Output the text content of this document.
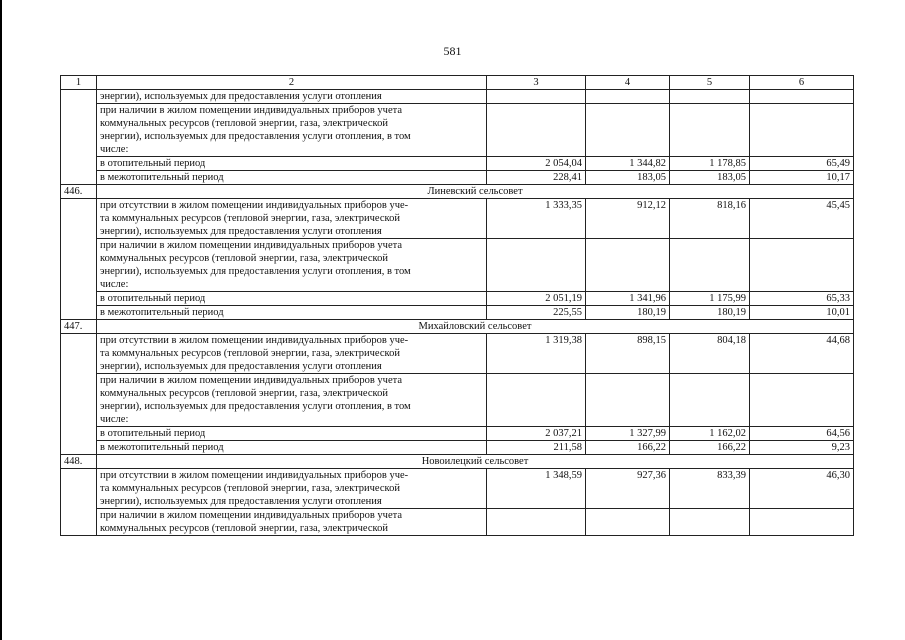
581
1	2	3	4	5	6
	энергии), используемых для предоставления услуги отопления				
	при наличии в жилом помещении индивидуальных приборов учета
коммунальных ресурсов (тепловой энергии, газа, электрической
энергии), используемых для предоставления услуги отопления, в том
числе:				
	в отопительный период	2 054,04	1 344,82	1 178,85	65,49
	в межотопительный период	228,41	183,05	183,05	10,17
446.	Линевский сельсовет				
	при отсутствии в жилом помещении индивидуальных приборов уче-
та коммунальных ресурсов (тепловой энергии, газа, электрической
энергии), используемых для предоставления услуги отопления	1 333,35	912,12	818,16	45,45
	при наличии в жилом помещении индивидуальных приборов учета
коммунальных ресурсов (тепловой энергии, газа, электрической
энергии), используемых для предоставления услуги отопления, в том
числе:				
	в отопительный период	2 051,19	1 341,96	1 175,99	65,33
	в межотопительный период	225,55	180,19	180,19	10,01
447.	Михайловский сельсовет				
	при отсутствии в жилом помещении индивидуальных приборов уче-
та коммунальных ресурсов (тепловой энергии, газа, электрической
энергии), используемых для предоставления услуги отопления	1 319,38	898,15	804,18	44,68
	при наличии в жилом помещении индивидуальных приборов учета
коммунальных ресурсов (тепловой энергии, газа, электрической
энергии), используемых для предоставления услуги отопления, в том
числе:				
	в отопительный период	2 037,21	1 327,99	1 162,02	64,56
	в межотопительный период	211,58	166,22	166,22	9,23
448.	Новоилецкий сельсовет				
	при отсутствии в жилом помещении индивидуальных приборов уче-
та коммунальных ресурсов (тепловой энергии, газа, электрической
энергии), используемых для предоставления услуги отопления	1 348,59	927,36	833,39	46,30
	при наличии в жилом помещении индивидуальных приборов учета
коммунальных ресурсов (тепловой энергии, газа, электрической				
